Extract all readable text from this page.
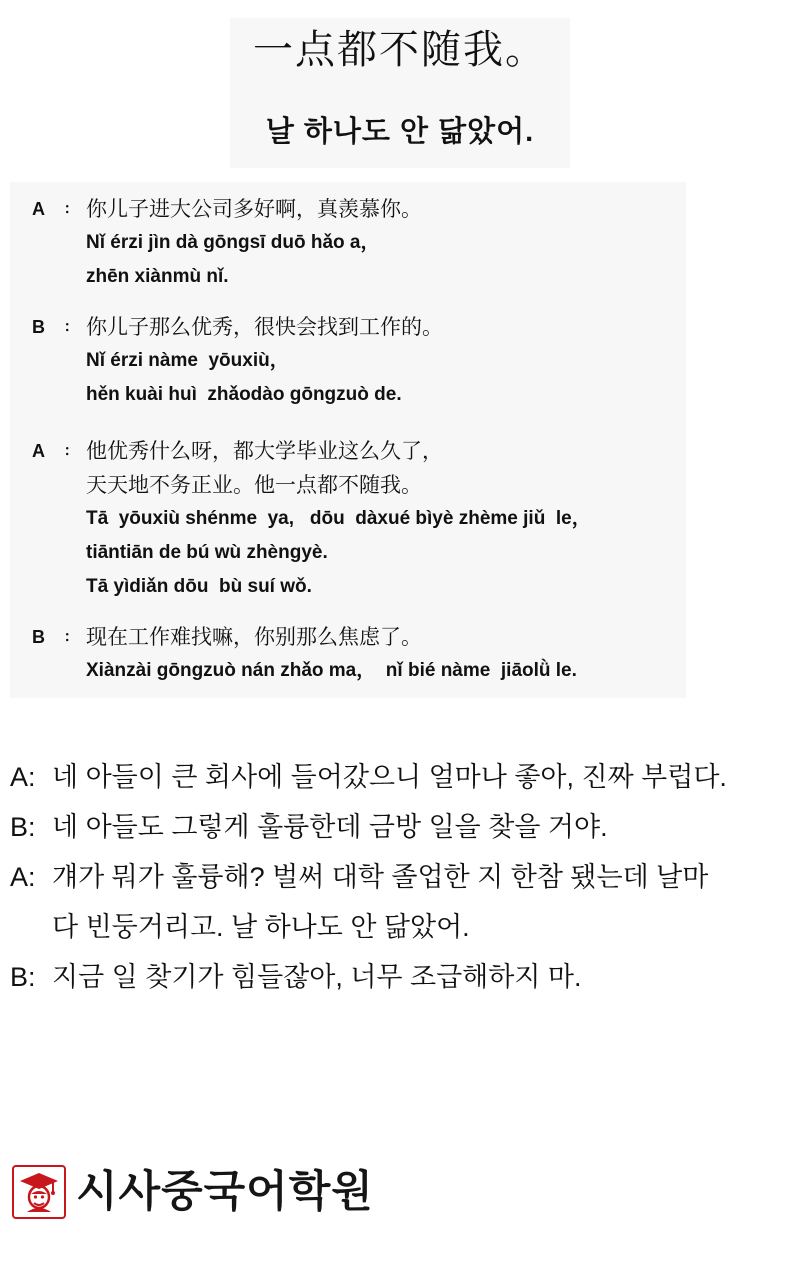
一点都不随我。
날 하나도 안 닮았어.
A : 你儿子进大公司多好啊，真羡慕你。
Nǐ érzi jìn dà gōngsī duō hǎo a，
zhēn xiànmù nǐ.
B : 你儿子那么优秀，很快会找到工作的。
Nǐ érzi nàme  yōuxiù，
hěn kuài huì  zhǎodào gōngzuò de.
A : 他优秀什么呀，都大学毕业这么久了，
天天地不务正业。他一点都不随我。
Tā  yōuxiù shénme  ya,   dōu  dàxué bìyè zhème jiǔ  le，
tiāntiān de bú wù zhèngyè.
Tā yìdiǎn dōu  bù suí wǒ.
B : 现在工作难找嘛，你别那么焦虑了。
Xiànzài gōngzuò nán zhǎo ma，  nǐ bié nàme  jiāolǜ le.
A: 네 아들이 큰 회사에 들어갔으니 얼마나 좋아, 진짜 부럽다.
B: 네 아들도 그렇게 훌륭한데 금방 일을 찾을 거야.
A: 걔가 뭐가 훌륭해? 벌써 대학 졸업한 지 한참 됐는데 날마
다 빈둥거리고. 날 하나도 안 닮았어.
B: 지금 일 찾기가 힘들잖아, 너무 조급해하지 마.
시사중국어학원
